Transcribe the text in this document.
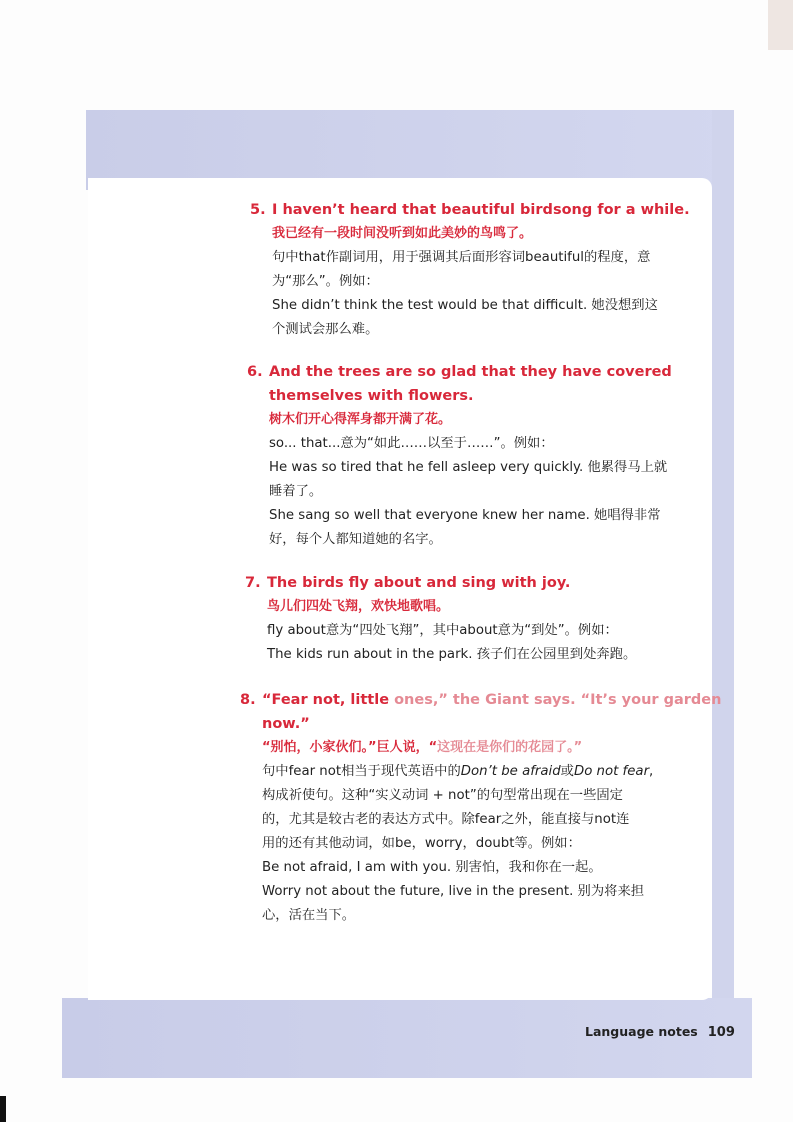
5. I haven’t heard that beautiful birdsong for a while.
我已经有一段时间没听到如此美妙的鸟鸣了。
句中that作副词用，用于强调其后面形容词beautiful的程度，意
为“那么”。例如：
She didn’t think the test would be that difficult. 她没想到这
个测试会那么难。
6. And the trees are so glad that they have covered
themselves with flowers.
树木们开心得浑身都开满了花。
so... that...意为“如此……以至于……”。例如：
He was so tired that he fell asleep very quickly. 他累得马上就
睡着了。
She sang so well that everyone knew her name. 她唱得非常
好，每个人都知道她的名字。
7. The birds fly about and sing with joy.
鸟儿们四处飞翔，欢快地歌唱。
fly about意为“四处飞翔”，其中about意为“到处”。例如：
The kids run about in the park. 孩子们在公园里到处奔跑。
8. “Fear not, little ones,” the Giant says. “It’s your garden
now.”
“别怕，小家伙们。”巨人说，“这现在是你们的花园了。”
句中fear not相当于现代英语中的Don’t be afraid或Do not fear,
构成祈使句。这种“实义动词 + not”的句型常出现在一些固定
的，尤其是较古老的表达方式中。除fear之外，能直接与not连
用的还有其他动词，如be，worry，doubt等。例如：
Be not afraid, I am with you. 别害怕，我和你在一起。
Worry not about the future, live in the present. 别为将来担
心，活在当下。
Language notes 109
